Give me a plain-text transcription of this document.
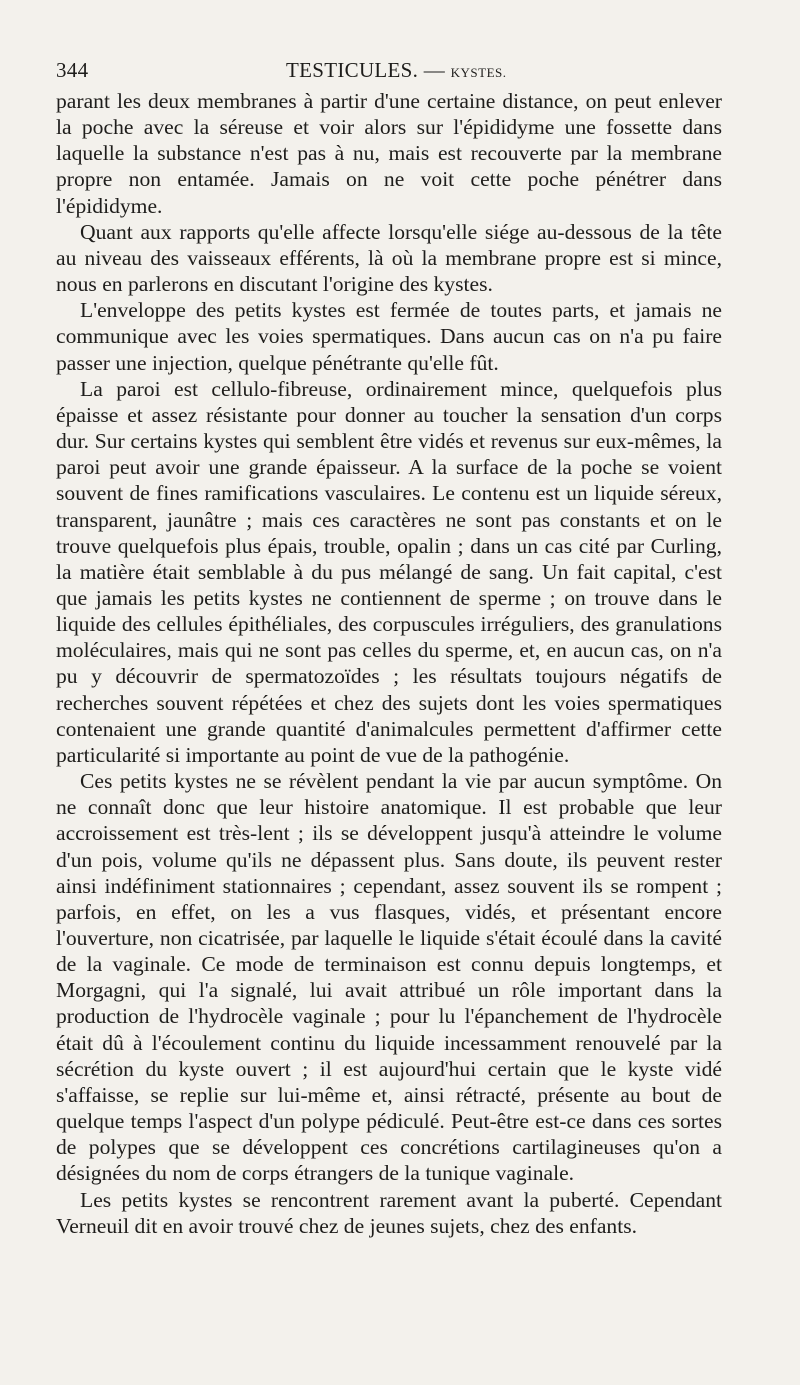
344	TESTICULES. — KYSTES.

parant les deux membranes à partir d'une certaine distance, on peut enlever la poche avec la séreuse et voir alors sur l'épididyme une fossette dans laquelle la substance n'est pas à nu, mais est recouverte par la membrane propre non entamée. Jamais on ne voit cette poche pénétrer dans l'épididyme.

Quant aux rapports qu'elle affecte lorsqu'elle siége au-dessous de la tête au niveau des vaisseaux efférents, là où la membrane propre est si mince, nous en parlerons en discutant l'origine des kystes.

L'enveloppe des petits kystes est fermée de toutes parts, et jamais ne communique avec les voies spermatiques. Dans aucun cas on n'a pu faire passer une injection, quelque pénétrante qu'elle fût.

La paroi est cellulo-fibreuse, ordinairement mince, quelquefois plus épaisse et assez résistante pour donner au toucher la sensation d'un corps dur. Sur certains kystes qui semblent être vidés et revenus sur eux-mêmes, la paroi peut avoir une grande épaisseur. A la surface de la poche se voient souvent de fines ramifications vasculaires. Le contenu est un liquide séreux, transparent, jaunâtre ; mais ces caractères ne sont pas constants et on le trouve quelquefois plus épais, trouble, opalin ; dans un cas cité par Curling, la matière était semblable à du pus mélangé de sang. Un fait capital, c'est que jamais les petits kystes ne contiennent de sperme ; on trouve dans le liquide des cellules épithéliales, des corpuscules irréguliers, des granulations moléculaires, mais qui ne sont pas celles du sperme, et, en aucun cas, on n'a pu y découvrir de spermatozoïdes ; les résultats toujours négatifs de recherches souvent répétées et chez des sujets dont les voies spermatiques contenaient une grande quantité d'animalcules permettent d'affirmer cette particularité si importante au point de vue de la pathogénie.

Ces petits kystes ne se révèlent pendant la vie par aucun symptôme. On ne connaît donc que leur histoire anatomique. Il est probable que leur accroissement est très-lent ; ils se développent jusqu'à atteindre le volume d'un pois, volume qu'ils ne dépassent plus. Sans doute, ils peuvent rester ainsi indéfiniment stationnaires ; cependant, assez souvent ils se rompent ; parfois, en effet, on les a vus flasques, vidés, et présentant encore l'ouverture, non cicatrisée, par laquelle le liquide s'était écoulé dans la cavité de la vaginale. Ce mode de terminaison est connu depuis longtemps, et Morgagni, qui l'a signalé, lui avait attribué un rôle important dans la production de l'hydrocèle vaginale ; pour lu l'épanchement de l'hydrocèle était dû à l'écoulement continu du liquide incessamment renouvelé par la sécrétion du kyste ouvert ; il est aujourd'hui certain que le kyste vidé s'affaisse, se replie sur lui-même et, ainsi rétracté, présente au bout de quelque temps l'aspect d'un polype pédiculé. Peut-être est-ce dans ces sortes de polypes que se développent ces concrétions cartilagineuses qu'on a désignées du nom de corps étrangers de la tunique vaginale.

Les petits kystes se rencontrent rarement avant la puberté. Cependant Verneuil dit en avoir trouvé chez de jeunes sujets, chez des enfants.
